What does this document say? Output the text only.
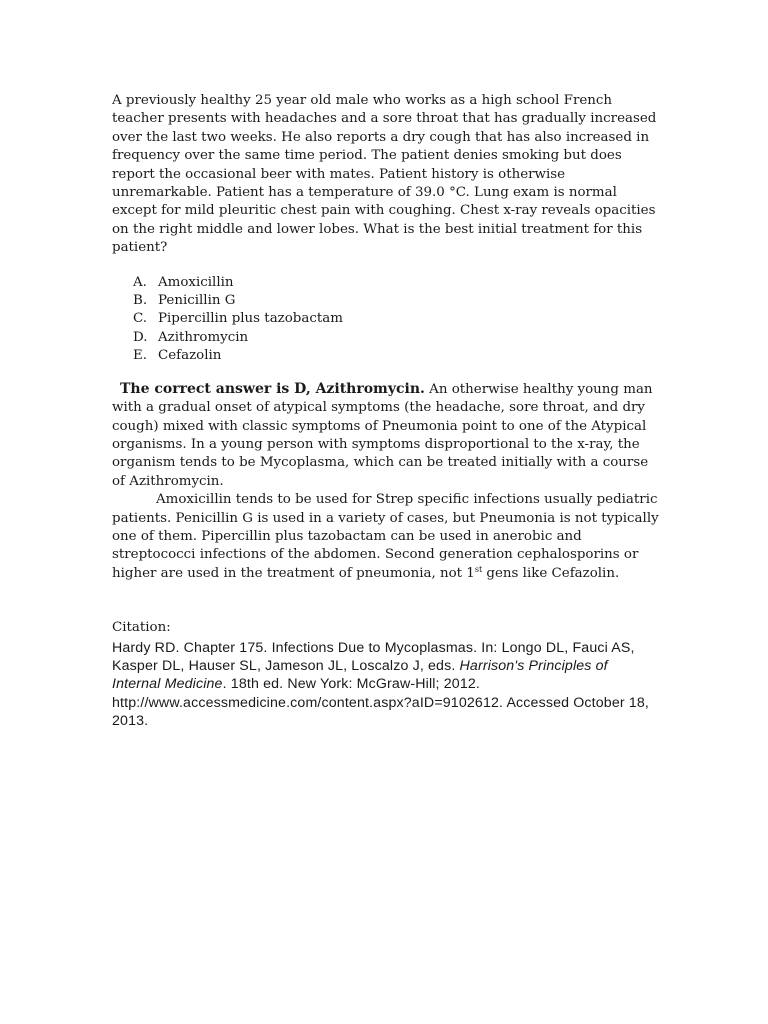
A previously healthy 25 year old male who works as a high school French teacher presents with headaches and a sore throat that has gradually increased over the last two weeks. He also reports a dry cough that has also increased in frequency over the same time period. The patient denies smoking but does report the occasional beer with mates. Patient history is otherwise unremarkable. Patient has a temperature of 39.0 °C. Lung exam is normal except for mild pleuritic chest pain with coughing. Chest x-ray reveals opacities on the right middle and lower lobes. What is the best initial treatment for this patient?

A. Amoxicillin
B. Penicillin G
C. Pipercillin plus tazobactam
D. Azithromycin
E. Cefazolin

The correct answer is D, Azithromycin. An otherwise healthy young man with a gradual onset of atypical symptoms (the headache, sore throat, and dry cough) mixed with classic symptoms of Pneumonia point to one of the Atypical organisms. In a young person with symptoms disproportional to the x-ray, the organism tends to be Mycoplasma, which can be treated initially with a course of Azithromycin.

Amoxicillin tends to be used for Strep specific infections usually pediatric patients. Penicillin G is used in a variety of cases, but Pneumonia is not typically one of them. Pipercillin plus tazobactam can be used in anerobic and streptococci infections of the abdomen. Second generation cephalosporins or higher are used in the treatment of pneumonia, not 1st gens like Cefazolin.

Citation:

Hardy RD. Chapter 175. Infections Due to Mycoplasmas. In: Longo DL, Fauci AS, Kasper DL, Hauser SL, Jameson JL, Loscalzo J, eds. Harrison's Principles of Internal Medicine. 18th ed. New York: McGraw-Hill; 2012.
http://www.accessmedicine.com/content.aspx?aID=9102612. Accessed October 18, 2013.
